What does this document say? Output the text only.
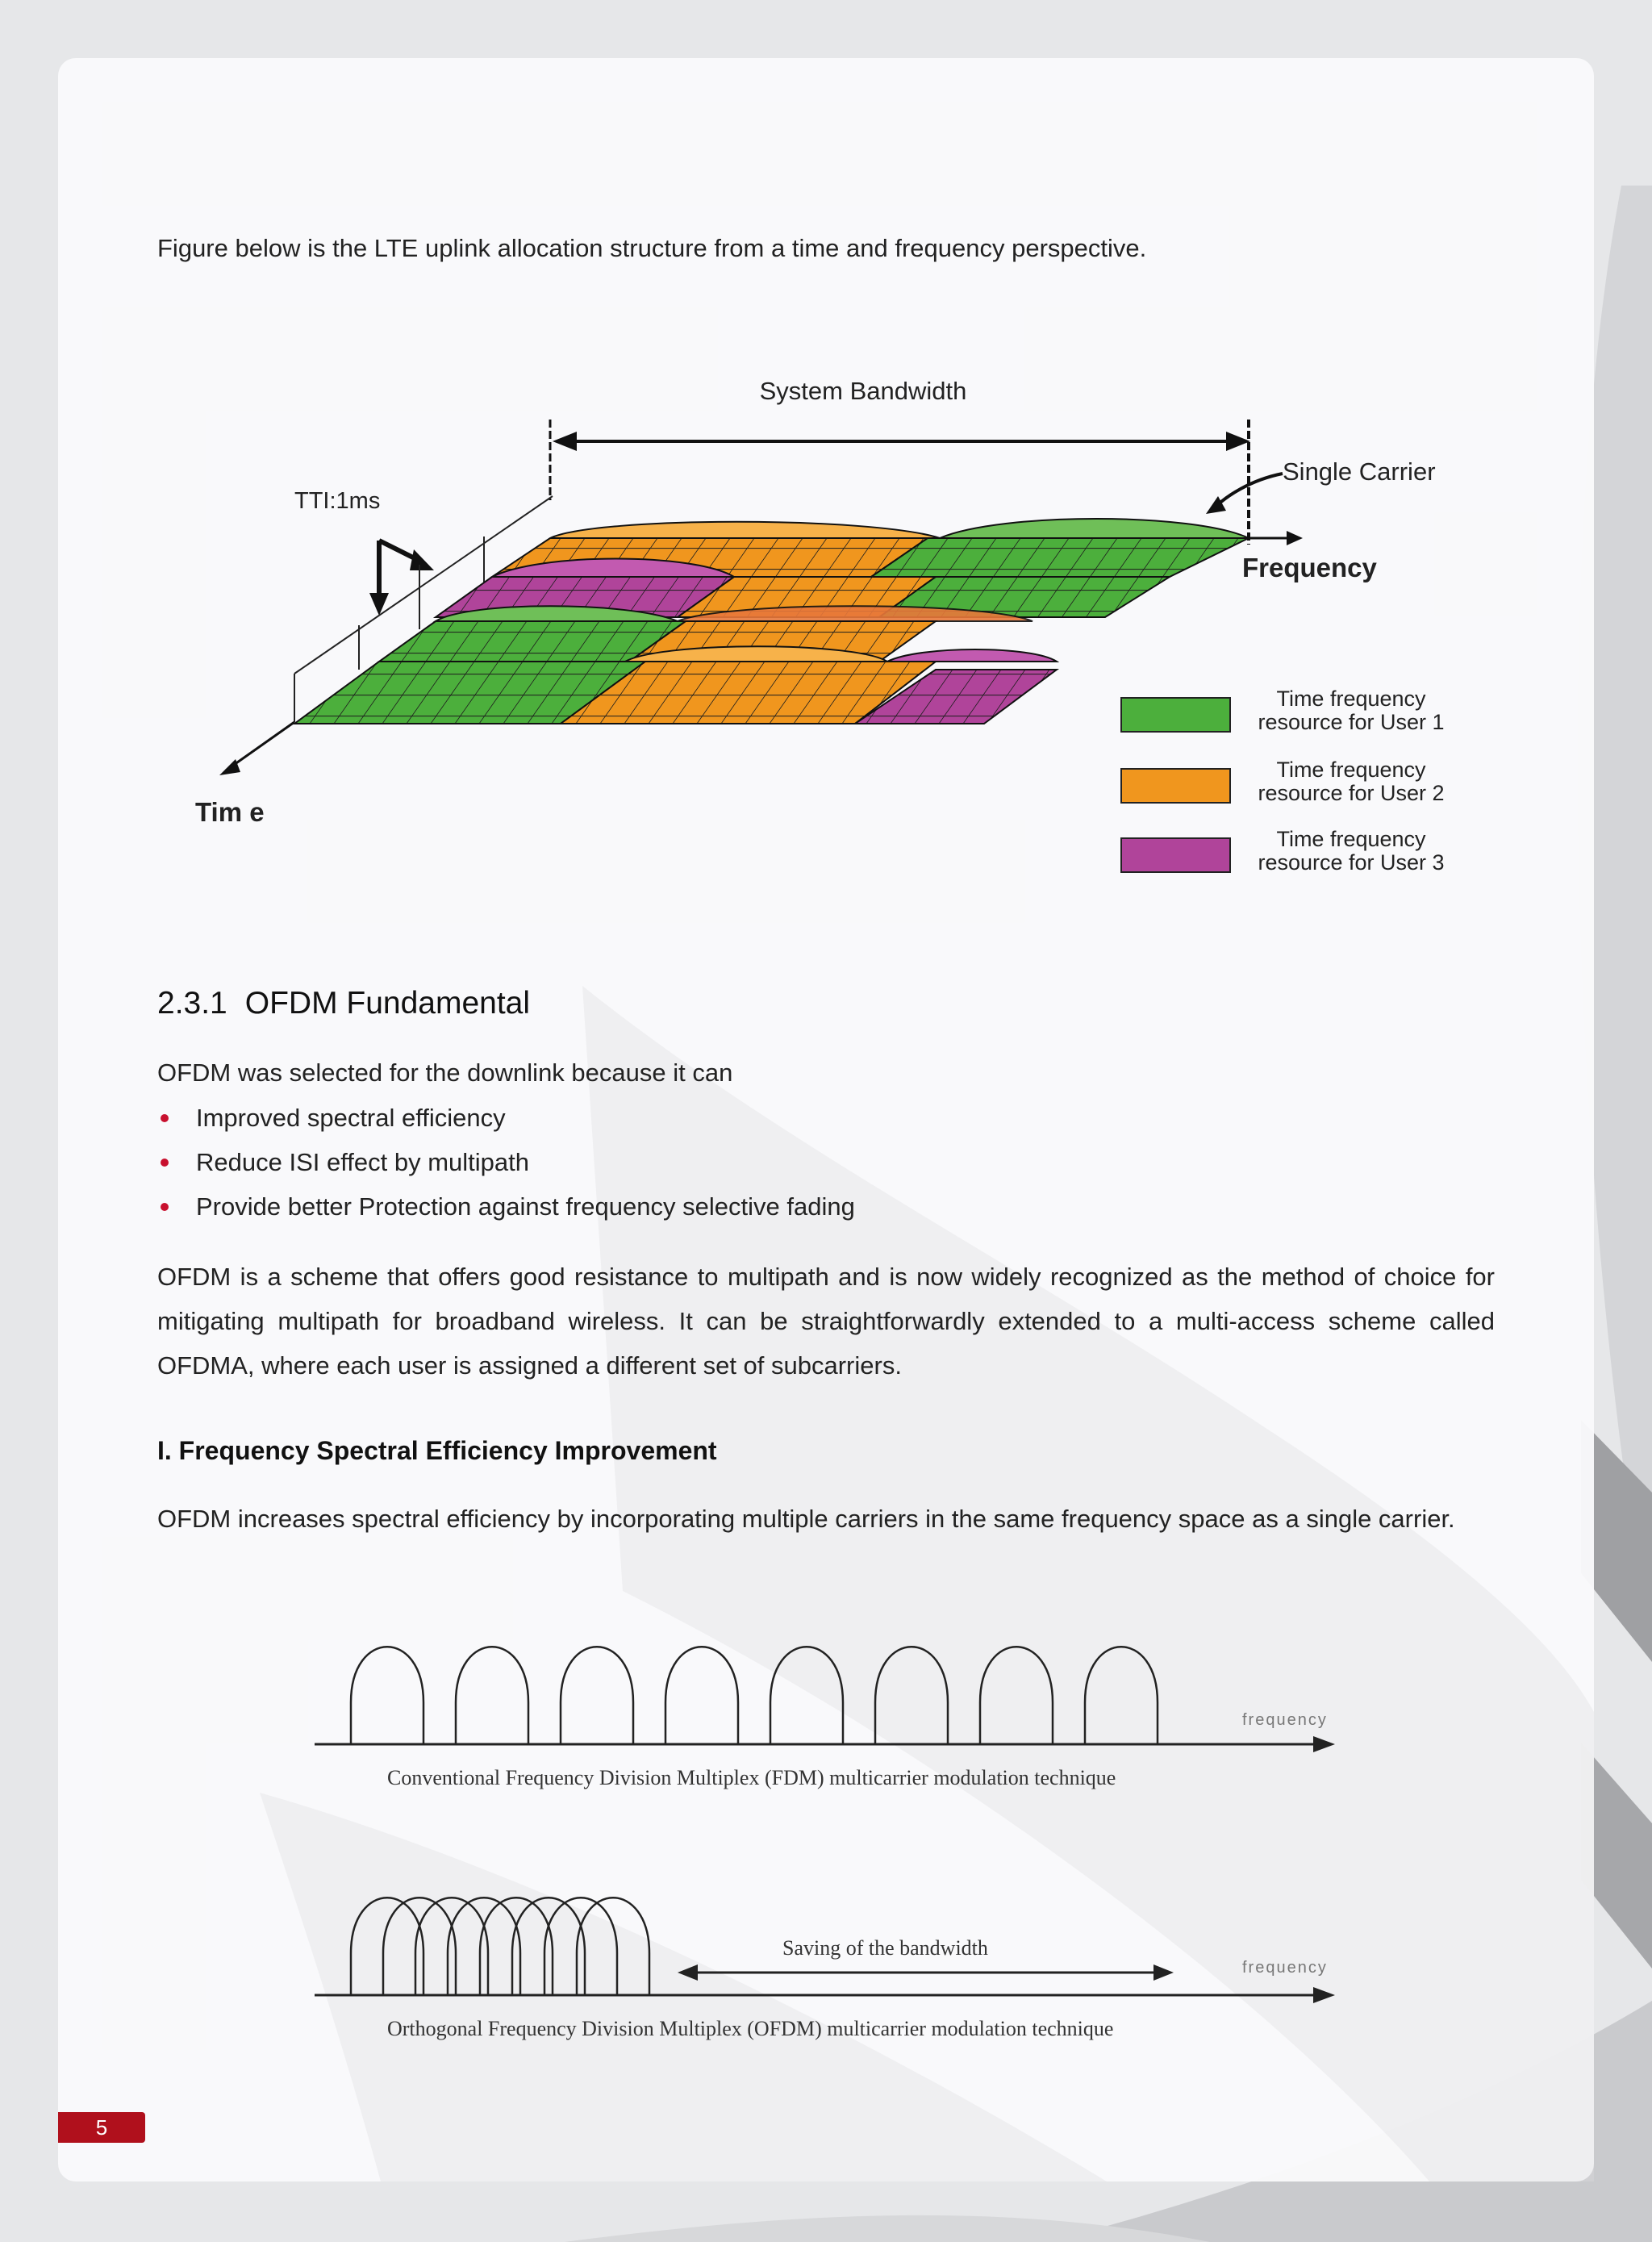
Figure below is the LTE uplink allocation structure from a time and frequency perspective.
System Bandwidth
Single Carrier
TTI:1ms
Frequency
Tim e
Time frequency
resource for User 1
Time frequency
resource for User 2
Time frequency
resource for User 3
2.3.1 OFDM Fundamental
OFDM was selected for the downlink because it can
Improved spectral efficiency
Reduce ISI effect by multipath
Provide better Protection against frequency selective fading

OFDM is a scheme that offers good resistance to multipath and is now widely recognized as the method of choice for mitigating multipath for broadband wireless. It can be straightforwardly extended to a multi-access scheme called OFDMA, where each user is assigned a different set of subcarriers.

I. Frequency Spectral Efficiency Improvement

OFDM increases spectral efficiency by incorporating multiple carriers in the same frequency space as a single carrier.

frequency
Conventional Frequency Division Multiplex (FDM) multicarrier modulation technique
frequency
Orthogonal Frequency Division Multiplex (OFDM) multicarrier modulation technique
Saving of the bandwidth
5
